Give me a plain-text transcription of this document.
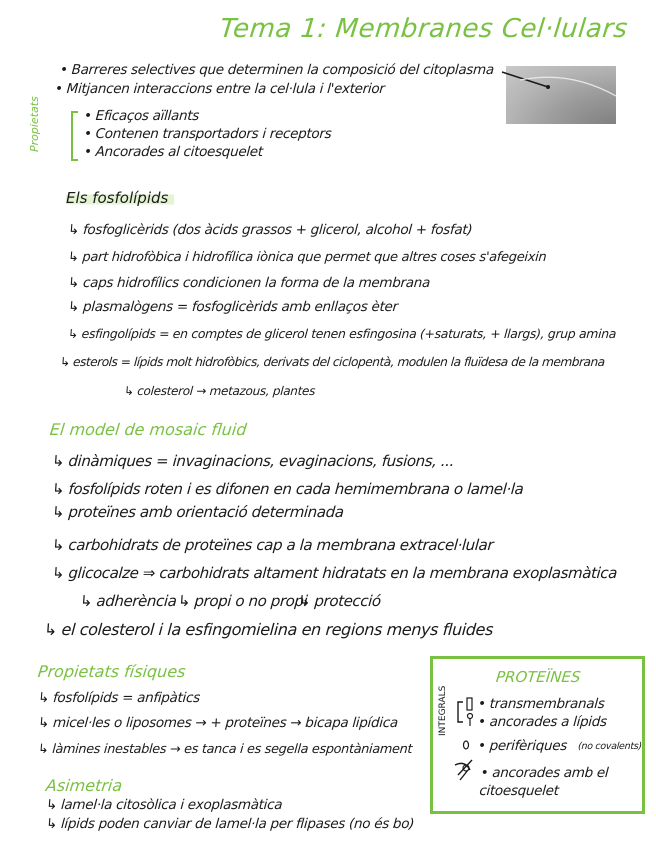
Tema 1: Membranes Cel·lulars
• Barreres selectives que determinen la composició del citoplasma
• Mitjancen interaccions entre la cel·lula i l'exterior
Propietats	• Eficaços aïllants
• Contenen transportadors i receptors
• Ancorades al citoesquelet
Els fosfolípids
↳ fosfoglicèrids (dos àcids grassos + glicerol, alcohol + fosfat)
↳ part hidrofòbica i hidrofílica iònica que permet que altres coses s'afegeixin
↳ caps hidrofílics condicionen la forma de la membrana
↳ plasmalògens = fosfoglicèrids amb enllaços èter
↳ esfingolípids = en comptes de glicerol tenen esfingosina (+saturats, + llargs), grup amina
↳ esterols = lípids molt hidrofòbics, derivats del ciclopentà, modulen la fluïdesa de la membrana
↳ colesterol → metazous, plantes
El model de mosaic fluid
↳ dinàmiques = invaginacions, evaginacions, fusions, ...
↳ fosfolípids roten i es difonen en cada hemimembrana o lamel·la
↳ proteïnes amb orientació determinada
↳ carbohidrats de proteïnes cap a la membrana extracel·lular
↳ glicocalze ⇒ carbohidrats altament hidratats en la membrana exoplasmàtica
↳ adherència ↳ propi o no propi
↳ protecció
↳ el colesterol i la esfingomielina en regions menys fluides
Propietats físiques
↳ fosfolípids = anfipàtics
↳ micel·les o liposomes → + proteïnes → bicapa lipídica
↳ làmines inestables → es tanca i es segella espontàniament
Asimetria
↳ lamel·la citosòlica i exoplasmàtica
↳ lípids poden canviar de lamel·la per flipases (no és bo)
PROTEÏNES
INTEGRALS • transmembranals
• ancorades a lípids
• perifèriques (no covalents)
• ancorades amb el citoesquelet
